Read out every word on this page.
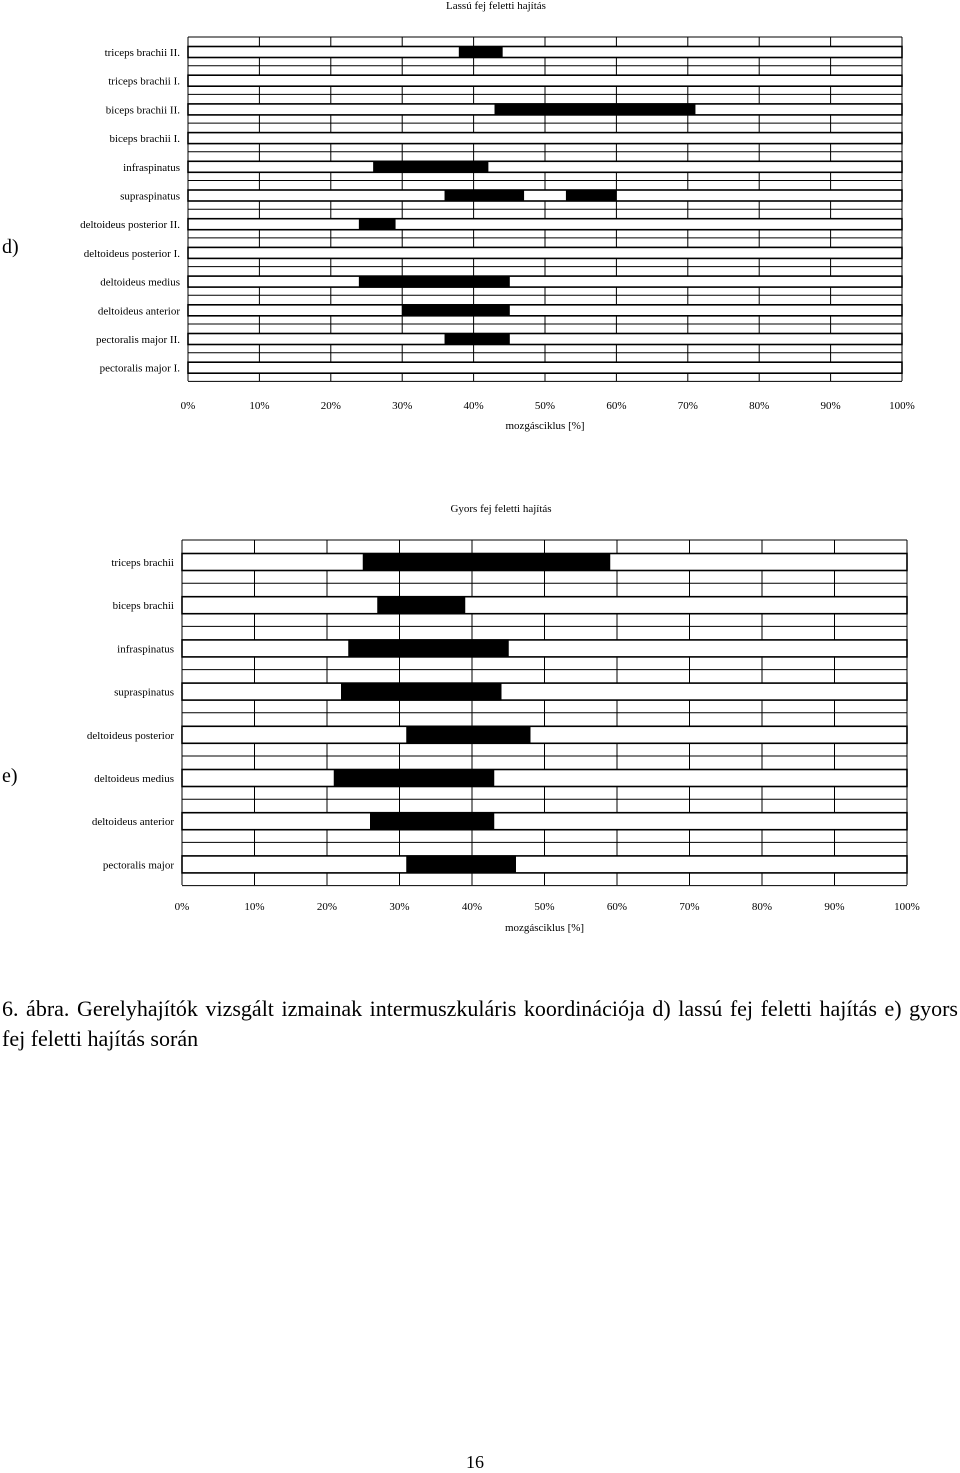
Lassú fej feletti hajítás
d)
triceps brachii II.
triceps brachii I.
biceps brachii II.
biceps brachii I.
infraspinatus
supraspinatus
deltoideus posterior II.
deltoideus posterior I.
deltoideus medius
deltoideus anterior
pectoralis major II.
pectoralis major I.
0%	10%	20%	30%	40%	50%	60%	70%	80%	90%	100%
mozgásciklus [%]
Gyors fej feletti hajítás
e)
triceps brachii
biceps brachii
infraspinatus
supraspinatus
deltoideus posterior
deltoideus medius
deltoideus anterior
pectoralis major
0%	10%	20%	30%	40%	50%	60%	70%	80%	90%	100%
mozgásciklus [%]

6. ábra. Gerelyhajítók vizsgált izmainak intermuszkuláris koordinációja d) lassú fej feletti hajítás e) gyors fej feletti hajítás során

16
